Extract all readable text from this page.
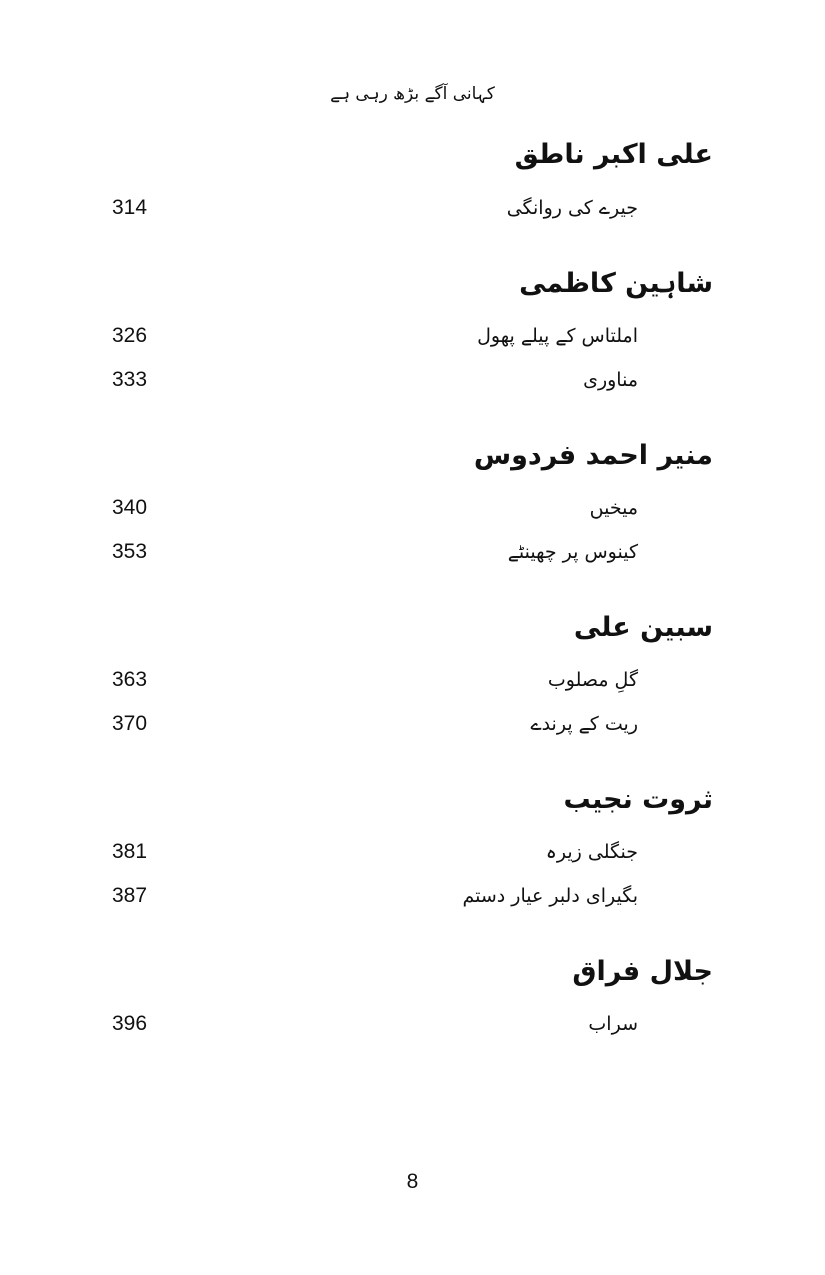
کہانی آگے بڑھ رہی ہے
علی اکبر ناطق
314	جیرے کی روانگی
شاہین کاظمی
326	املتاس کے پیلے پھول
333	مناوری
منیر احمد فردوس
340	میخیں
353	کینوس پر چھینٹے
سبین علی
363	گلِ مصلوب
370	ریت کے پرندے
ثروت نجیب
381	جنگلی زیرہ
387	بگیرای دلبر عیار دستم
جلال فراق
396	سراب
8
